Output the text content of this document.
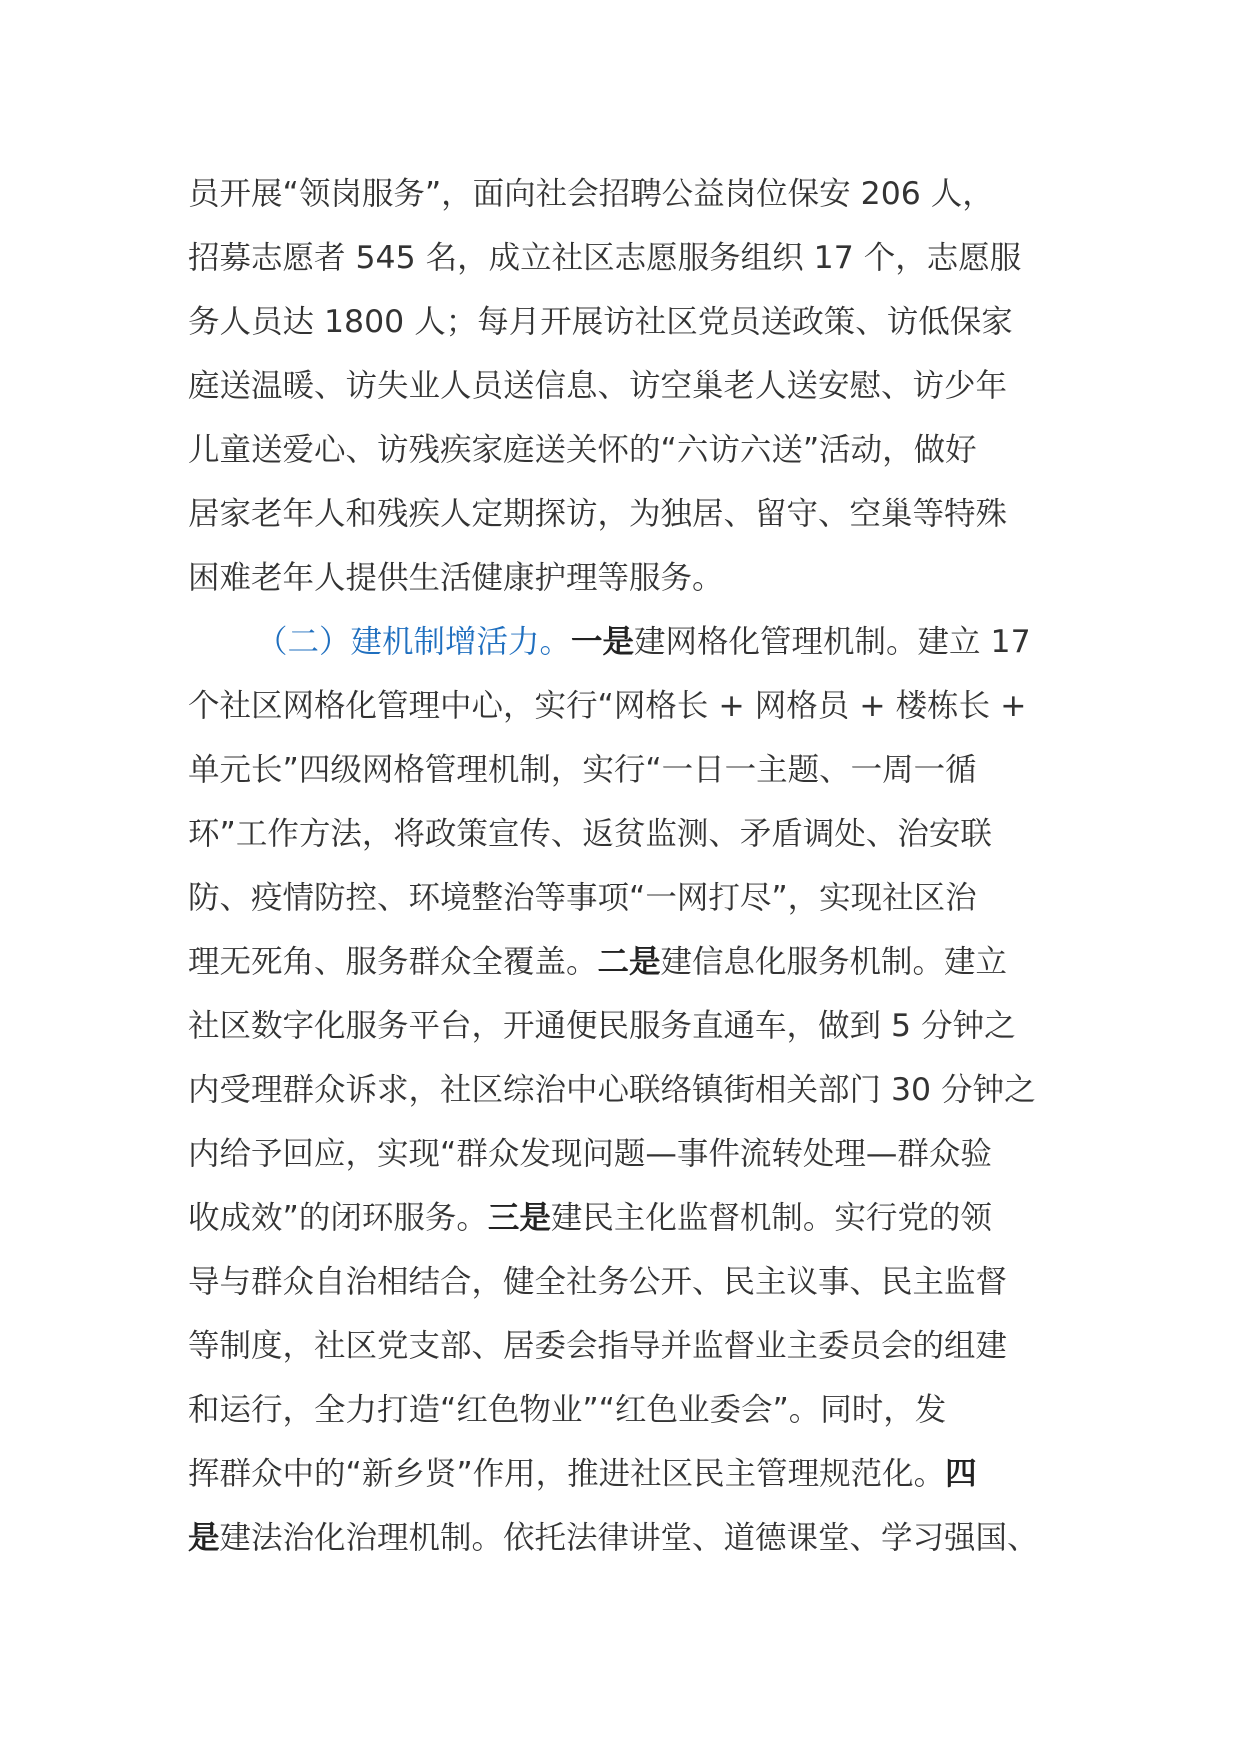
员开展“领岗服务”，面向社会招聘公益岗位保安 206 人，
招募志愿者 545 名，成立社区志愿服务组织 17 个，志愿服
务人员达 1800 人；每月开展访社区党员送政策、访低保家
庭送温暖、访失业人员送信息、访空巢老人送安慰、访少年
儿童送爱心、访残疾家庭送关怀的“六访六送”活动，做好
居家老年人和残疾人定期探访，为独居、留守、空巢等特殊
困难老年人提供生活健康护理等服务。
（二）建机制增活力。一是建网格化管理机制。建立 17
个社区网格化管理中心，实行“网格长 + 网格员 + 楼栋长 +
单元长”四级网格管理机制，实行“一日一主题、一周一循
环”工作方法，将政策宣传、返贫监测、矛盾调处、治安联
防、疫情防控、环境整治等事项“一网打尽”，实现社区治
理无死角、服务群众全覆盖。二是建信息化服务机制。建立
社区数字化服务平台，开通便民服务直通车，做到 5 分钟之
内受理群众诉求，社区综治中心联络镇街相关部门 30 分钟之
内给予回应，实现“群众发现问题—事件流转处理—群众验
收成效”的闭环服务。三是建民主化监督机制。实行党的领
导与群众自治相结合，健全社务公开、民主议事、民主监督
等制度，社区党支部、居委会指导并监督业主委员会的组建
和运行，全力打造“红色物业”“红色业委会”。同时，发
挥群众中的“新乡贤”作用，推进社区民主管理规范化。四
是建法治化治理机制。依托法律讲堂、道德课堂、学习强国、
